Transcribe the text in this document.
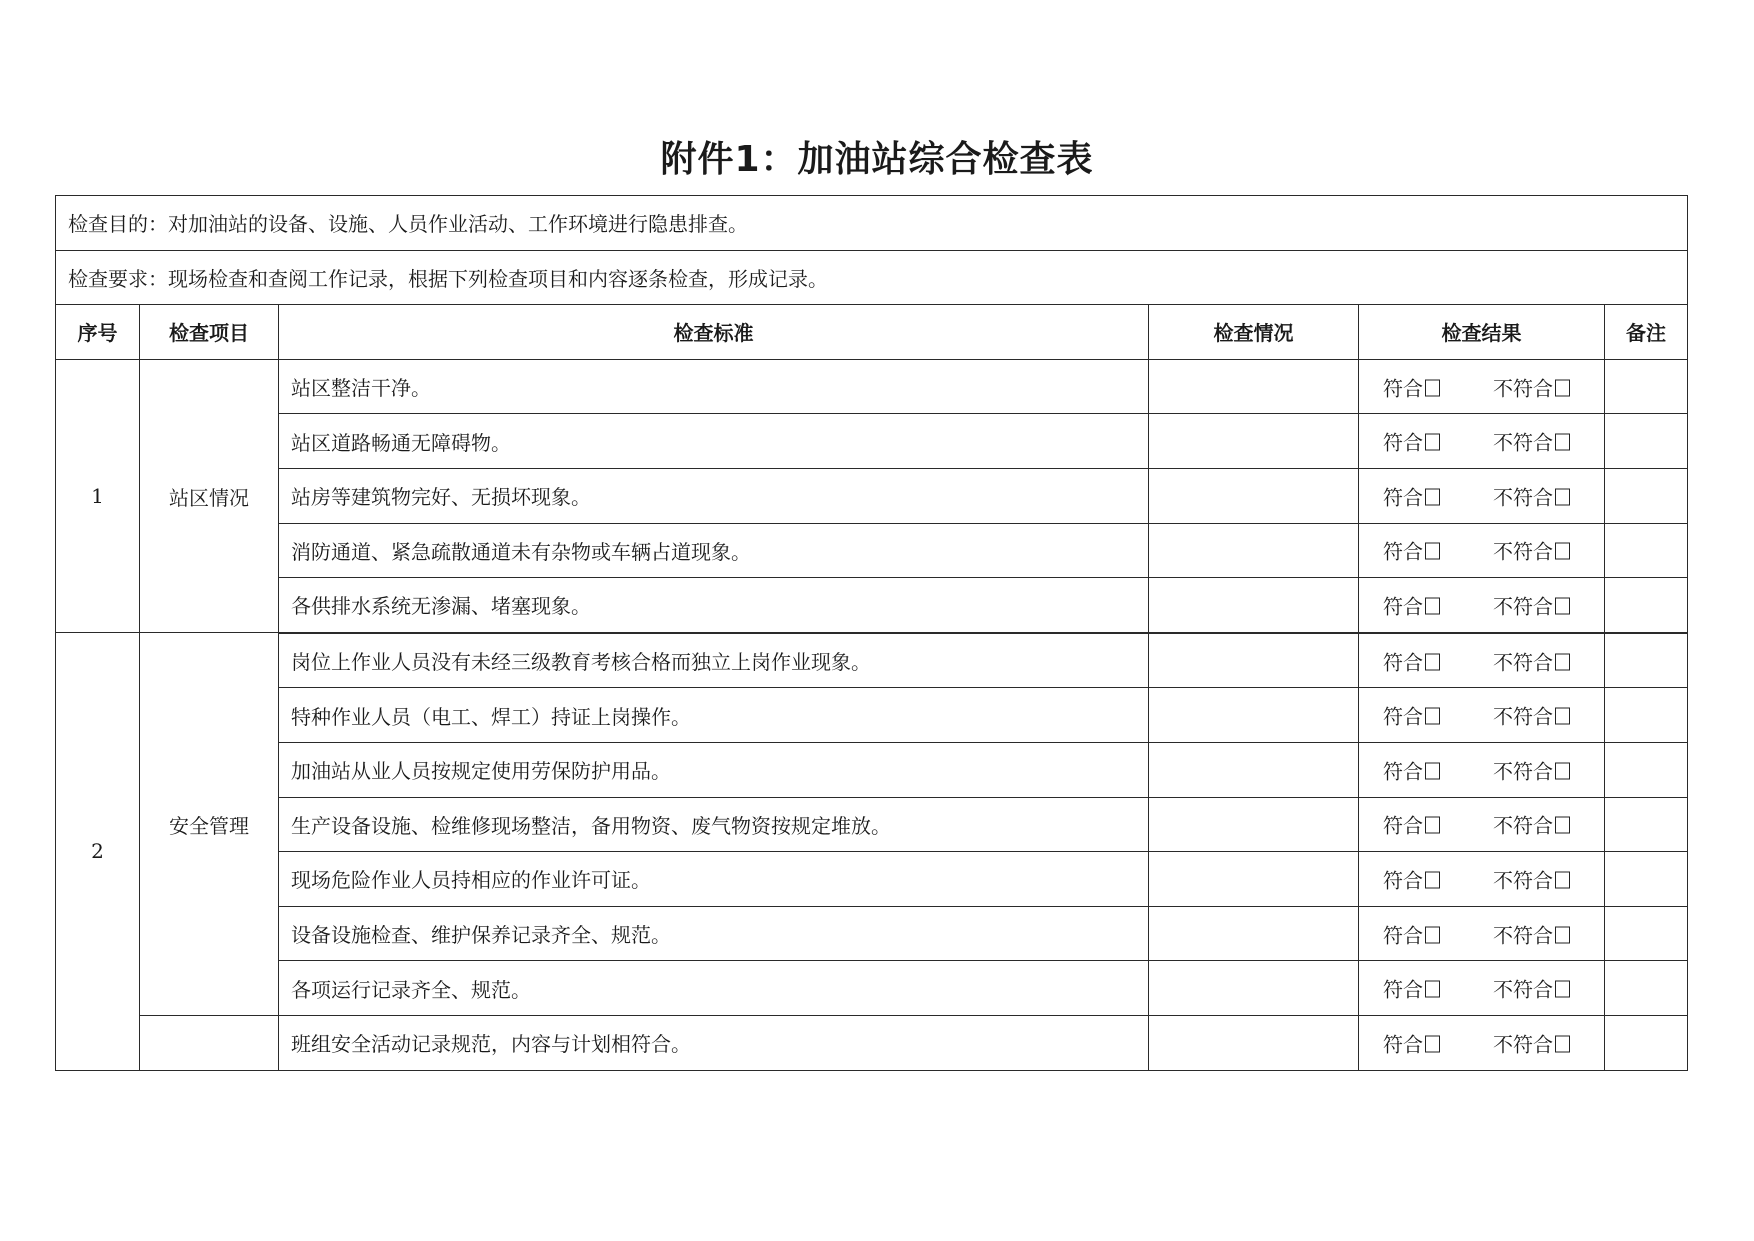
附件1：加油站综合检查表
检查目的：对加油站的设备、设施、人员作业活动、工作环境进行隐患排查。					
检查要求：现场检查和查阅工作记录，根据下列检查项目和内容逐条检查，形成记录。					
序号	检查项目	检查标准	检查情况	检查结果	备注
1	站区情况	站区整洁干净。		符合 不符合	

		站区道路畅通无障碍物。		符合 不符合	

		站房等建筑物完好、无损坏现象。		符合 不符合	

		消防通道、紧急疏散通道未有杂物或车辆占道现象。		符合 不符合	

		各供排水系统无渗漏、堵塞现象。		符合 不符合	

2	安全管理	岗位上作业人员没有未经三级教育考核合格而独立上岗作业现象。		符合 不符合	

		特种作业人员（电工、焊工）持证上岗操作。		符合 不符合	

		加油站从业人员按规定使用劳保防护用品。		符合 不符合	

		生产设备设施、检维修现场整洁，备用物资、废气物资按规定堆放。		符合 不符合	

		现场危险作业人员持相应的作业许可证。		符合 不符合	

		设备设施检查、维护保养记录齐全、规范。		符合 不符合	

		各项运行记录齐全、规范。		符合 不符合	

		班组安全活动记录规范，内容与计划相符合。		符合 不符合	
